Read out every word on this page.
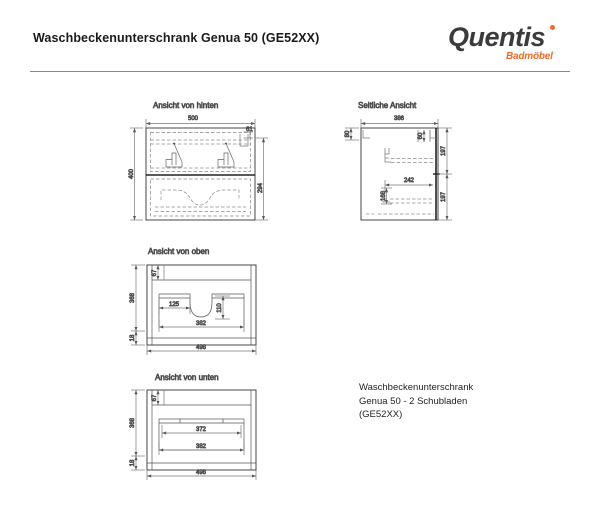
Waschbeckenunterschrank Genua 50 (GE52XX)	Quentis
Badmöbel
Ansicht von hinten
500
400
61
294
Seitliche Ansicht
386
80	60
242
168
197
197
Ansicht von oben
368
18
67
125	110
382
498
Ansicht von unten
368
18
67
372
382
498
Waschbeckenunterschrank
Genua 50 - 2 Schubladen
(GE52XX)
